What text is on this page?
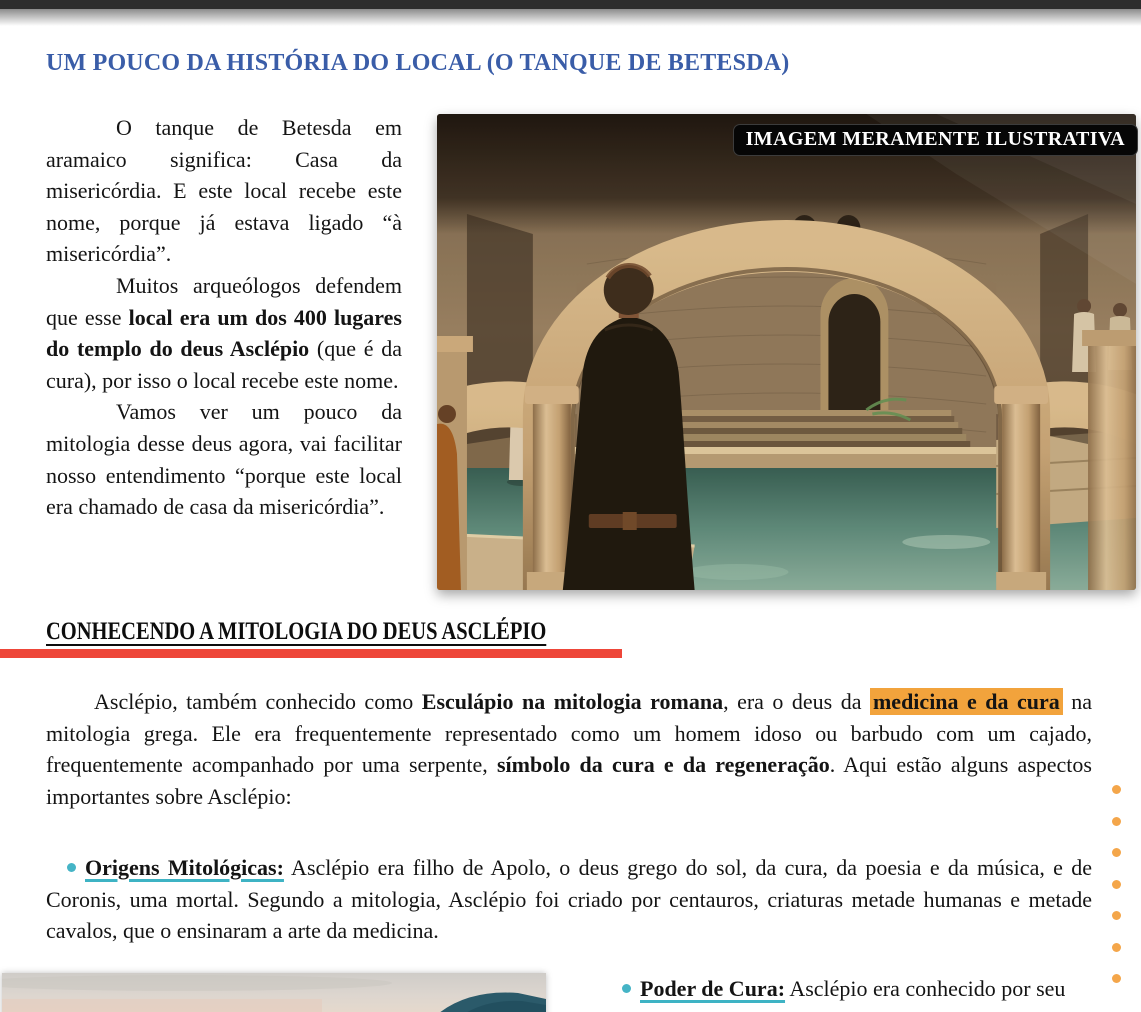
UM POUCO DA HISTÓRIA DO LOCAL (O TANQUE DE BETESDA)

O tanque de Betesda em aramaico significa: Casa da misericórdia. E este local recebe este nome, porque já estava ligado “à misericórdia”.

Muitos arqueólogos defendem que esse local era um dos 400 lugares do templo do deus Asclépio (que é da cura), por isso o local recebe este nome.

Vamos ver um pouco da mitologia desse deus agora, vai facilitar nosso entendimento “porque este local era chamado de casa da misericórdia”.

IMAGEM MERAMENTE ILUSTRATIVA
CONHECENDO A MITOLOGIA DO DEUS ASCLÉPIO

Asclépio, também conhecido como Esculápio na mitologia romana, era o deus da medicina e da cura na mitologia grega. Ele era frequentemente representado como um homem idoso ou barbudo com um cajado, frequentemente acompanhado por uma serpente, símbolo da cura e da regeneração. Aqui estão alguns aspectos importantes sobre Asclépio:

Origens Mitológicas: Asclépio era filho de Apolo, o deus grego do sol, da cura, da poesia e da música, e de Coronis, uma mortal. Segundo a mitologia, Asclépio foi criado por centauros, criaturas metade humanas e metade cavalos, que o ensinaram a arte da medicina.

Poder de Cura: Asclépio era conhecido por seu
